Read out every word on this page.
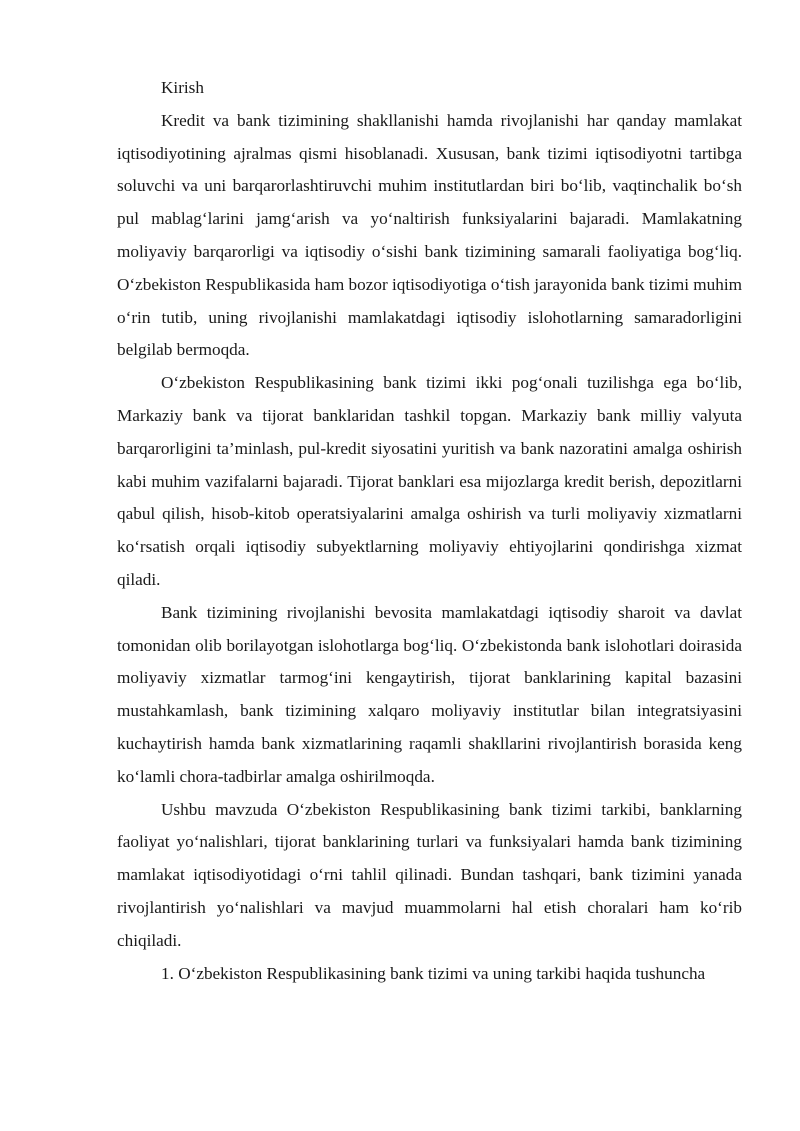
Kirish

Kredit va bank tizimining shakllanishi hamda rivojlanishi har qanday mamlakat iqtisodiyotining ajralmas qismi hisoblanadi. Xususan, bank tizimi iqtisodiyotni tartibga soluvchi va uni barqarorlashtiruvchi muhim institutlardan biri bo‘lib, vaqtinchalik bo‘sh pul mablag‘larini jamg‘arish va yo‘naltirish funksiyalarini bajaradi. Mamlakatning moliyaviy barqarorligi va iqtisodiy o‘sishi bank tizimining samarali faoliyatiga bog‘liq. O‘zbekiston Respublikasida ham bozor iqtisodiyotiga o‘tish jarayonida bank tizimi muhim o‘rin tutib, uning rivojlanishi mamlakatdagi iqtisodiy islohotlarning samaradorligini belgilab bermoqda.

O‘zbekiston Respublikasining bank tizimi ikki pog‘onali tuzilishga ega bo‘lib, Markaziy bank va tijorat banklaridan tashkil topgan. Markaziy bank milliy valyuta barqarorligini ta’minlash, pul-kredit siyosatini yuritish va bank nazoratini amalga oshirish kabi muhim vazifalarni bajaradi. Tijorat banklari esa mijozlarga kredit berish, depozitlarni qabul qilish, hisob-kitob operatsiyalarini amalga oshirish va turli moliyaviy xizmatlarni ko‘rsatish orqali iqtisodiy subyektlarning moliyaviy ehtiyojlarini qondirishga xizmat qiladi.

Bank tizimining rivojlanishi bevosita mamlakatdagi iqtisodiy sharoit va davlat tomonidan olib borilayotgan islohotlarga bog‘liq. O‘zbekistonda bank islohotlari doirasida moliyaviy xizmatlar tarmog‘ini kengaytirish, tijorat banklarining kapital bazasini mustahkamlash, bank tizimining xalqaro moliyaviy institutlar bilan integratsiyasini kuchaytirish hamda bank xizmatlarining raqamli shakllarini rivojlantirish borasida keng ko‘lamli chora-tadbirlar amalga oshirilmoqda.

Ushbu mavzuda O‘zbekiston Respublikasining bank tizimi tarkibi, banklarning faoliyat yo‘nalishlari, tijorat banklarining turlari va funksiyalari hamda bank tizimining mamlakat iqtisodiyotidagi o‘rni tahlil qilinadi. Bundan tashqari, bank tizimini yanada rivojlantirish yo‘nalishlari va mavjud muammolarni hal etish choralari ham ko‘rib chiqiladi.

1. O‘zbekiston Respublikasining bank tizimi va uning tarkibi haqida tushuncha
